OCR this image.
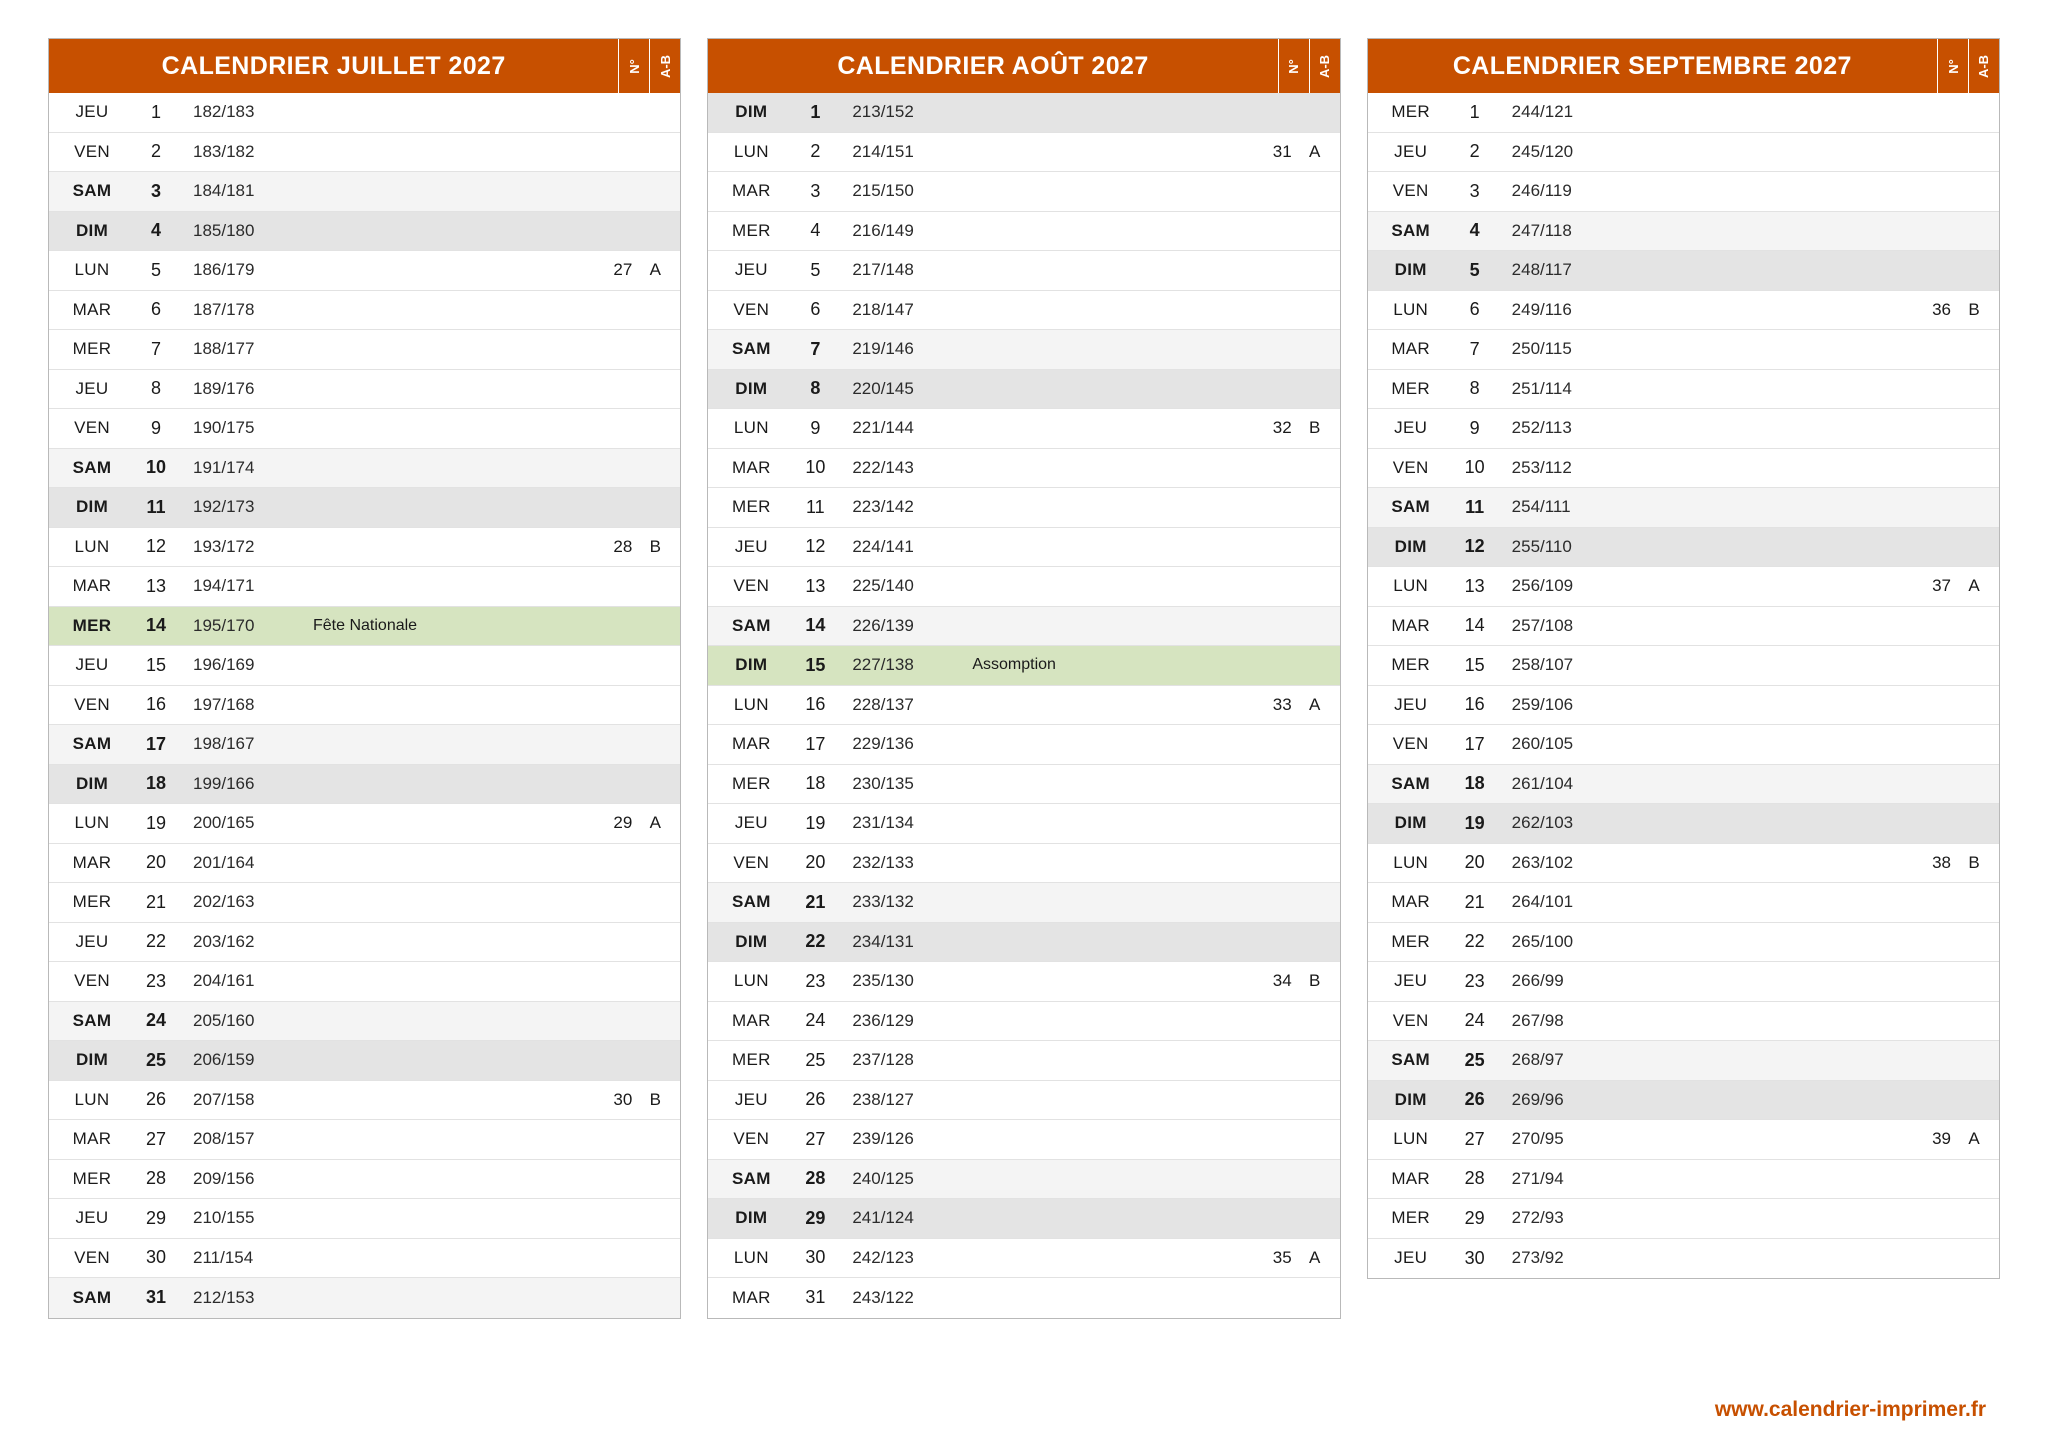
CALENDRIER JUILLET 2027	N° A-B
JEU	1	182/183
VEN	2	183/182
SAM	3	184/181
DIM	4	185/180
LUN	5	186/179	27	A
MAR	6	187/178
MER	7	188/177
JEU	8	189/176
VEN	9	190/175
SAM	10	191/174
DIM	11	192/173
LUN	12	193/172	28	B
MAR	13	194/171
MER	14	195/170	Fête Nationale
JEU	15	196/169
VEN	16	197/168
SAM	17	198/167
DIM	18	199/166
LUN	19	200/165	29	A
MAR	20	201/164
MER	21	202/163
JEU	22	203/162
VEN	23	204/161
SAM	24	205/160
DIM	25	206/159
LUN	26	207/158	30	B
MAR	27	208/157
MER	28	209/156
JEU	29	210/155
VEN	30	211/154
SAM	31	212/153
CALENDRIER AOÛT 2027	N° A-B
DIM	1	213/152
LUN	2	214/151	31	A
MAR	3	215/150
MER	4	216/149
JEU	5	217/148
VEN	6	218/147
SAM	7	219/146
DIM	8	220/145
LUN	9	221/144	32	B
MAR	10	222/143
MER	11	223/142
JEU	12	224/141
VEN	13	225/140
SAM	14	226/139
DIM	15	227/138	Assomption
LUN	16	228/137	33	A
MAR	17	229/136
MER	18	230/135
JEU	19	231/134
VEN	20	232/133
SAM	21	233/132
DIM	22	234/131
LUN	23	235/130	34	B
MAR	24	236/129
MER	25	237/128
JEU	26	238/127
VEN	27	239/126
SAM	28	240/125
DIM	29	241/124
LUN	30	242/123	35	A
MAR	31	243/122
CALENDRIER SEPTEMBRE 2027	N° A-B
MER	1	244/121
JEU	2	245/120
VEN	3	246/119
SAM	4	247/118
DIM	5	248/117
LUN	6	249/116	36	B
MAR	7	250/115
MER	8	251/114
JEU	9	252/113
VEN	10	253/112
SAM	11	254/111
DIM	12	255/110
LUN	13	256/109	37	A
MAR	14	257/108
MER	15	258/107
JEU	16	259/106
VEN	17	260/105
SAM	18	261/104
DIM	19	262/103
LUN	20	263/102	38	B
MAR	21	264/101
MER	22	265/100
JEU	23	266/99
VEN	24	267/98
SAM	25	268/97
DIM	26	269/96
LUN	27	270/95	39	A
MAR	28	271/94
MER	29	272/93
JEU	30	273/92
www.calendrier-imprimer.fr
